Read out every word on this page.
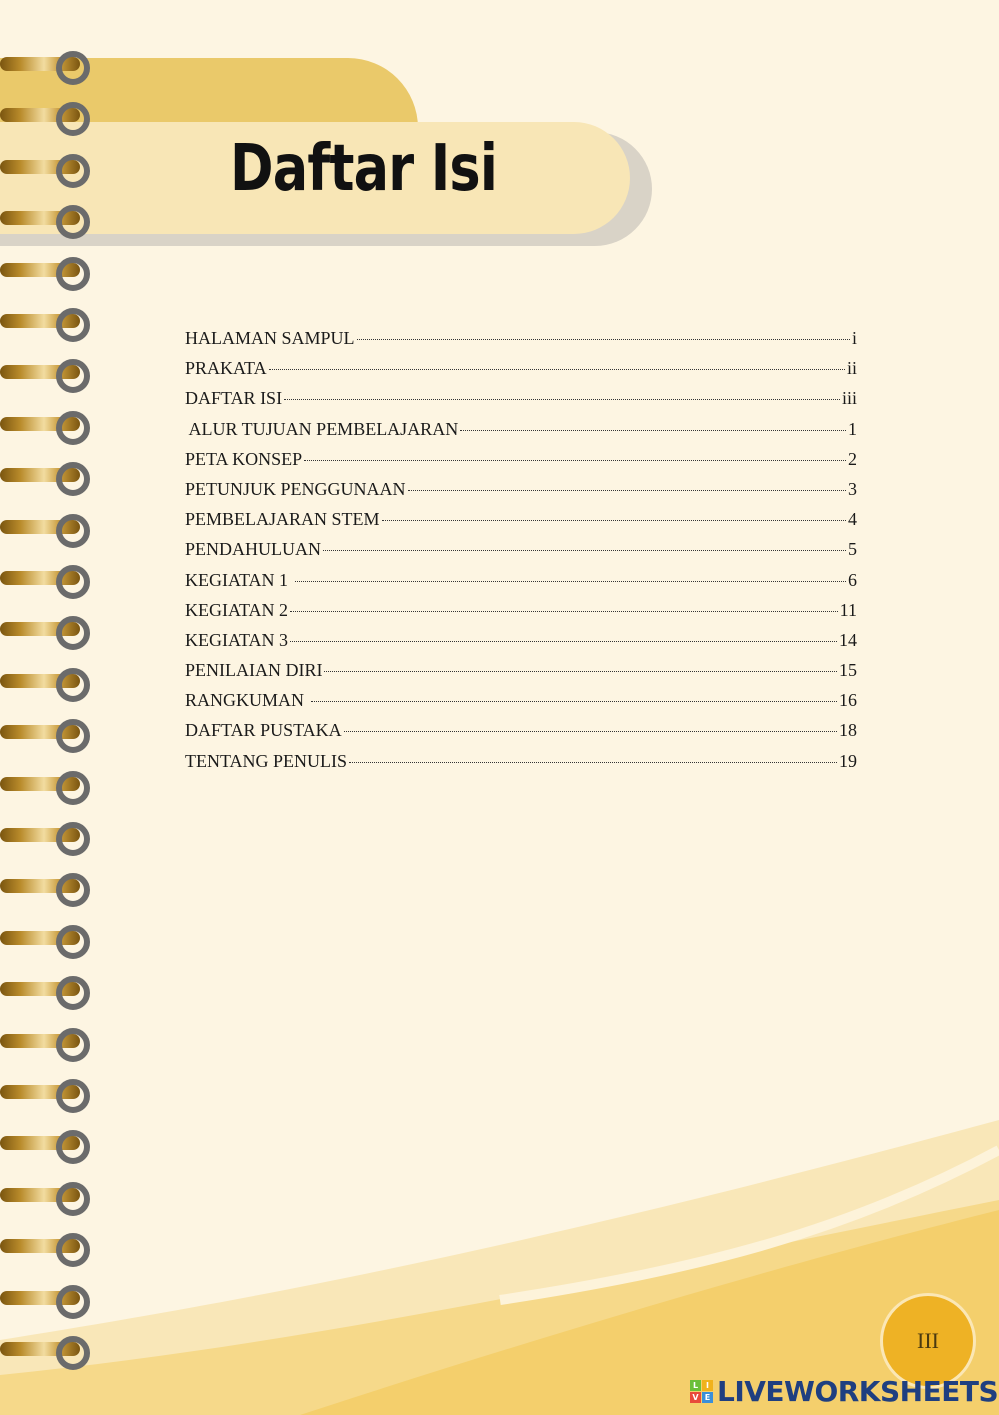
Daftar Isi
HALAMAN SAMPUL	i
PRAKATA	ii
DAFTAR ISI	iii
ALUR TUJUAN PEMBELAJARAN	1
PETA KONSEP	2
PETUNJUK PENGGUNAAN	3
PEMBELAJARAN STEM	4
PENDAHULUAN	5
KEGIATAN 1	6
KEGIATAN 2	11
KEGIATAN 3	14
PENILAIAN DIRI	15
RANGKUMAN	16
DAFTAR PUSTAKA	18
TENTANG PENULIS	19
III
L I
V E LIVEWORKSHEETS
